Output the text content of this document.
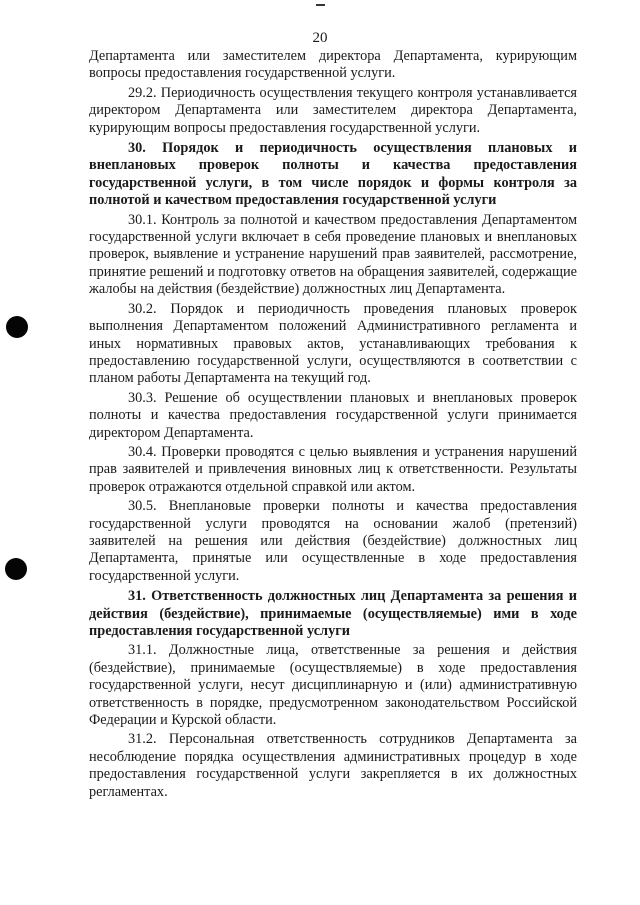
20

Департамента или заместителем директора Департамента, курирующим вопросы предоставления государственной услуги.

29.2. Периодичность осуществления текущего контроля устанавливается директором Департамента или заместителем директора Департамента, курирующим вопросы предоставления государственной услуги.

30. Порядок и периодичность осуществления плановых и внеплановых проверок полноты и качества предоставления государственной услуги, в том числе порядок и формы контроля за полнотой и качеством предоставления государственной услуги

30.1. Контроль за полнотой и качеством предоставления Департаментом государственной услуги включает в себя проведение плановых и внеплановых проверок, выявление и устранение нарушений прав заявителей, рассмотрение, принятие решений и подготовку ответов на обращения заявителей, содержащие жалобы на действия (бездействие) должностных лиц Департамента.

30.2. Порядок и периодичность проведения плановых проверок выполнения Департаментом положений Административного регламента и иных нормативных правовых актов, устанавливающих требования к предоставлению государственной услуги, осуществляются в соответствии с планом работы Департамента на текущий год.

30.3. Решение об осуществлении плановых и внеплановых проверок полноты и качества предоставления государственной услуги принимается директором Департамента.

30.4. Проверки проводятся с целью выявления и устранения нарушений прав заявителей и привлечения виновных лиц к ответственности. Результаты проверок отражаются отдельной справкой или актом.

30.5. Внеплановые проверки полноты и качества предоставления государственной услуги проводятся на основании жалоб (претензий) заявителей на решения или действия (бездействие) должностных лиц Департамента, принятые или осуществленные в ходе предоставления государственной услуги.

31. Ответственность должностных лиц Департамента за решения и действия (бездействие), принимаемые (осуществляемые) ими в ходе предоставления государственной услуги

31.1. Должностные лица, ответственные за решения и действия (бездействие), принимаемые (осуществляемые) в ходе предоставления государственной услуги, несут дисциплинарную и (или) административную ответственность в порядке, предусмотренном законодательством Российской Федерации и Курской области.

31.2. Персональная ответственность сотрудников Департамента за несоблюдение порядка осуществления административных процедур в ходе предоставления государственной услуги закрепляется в их должностных регламентах.
